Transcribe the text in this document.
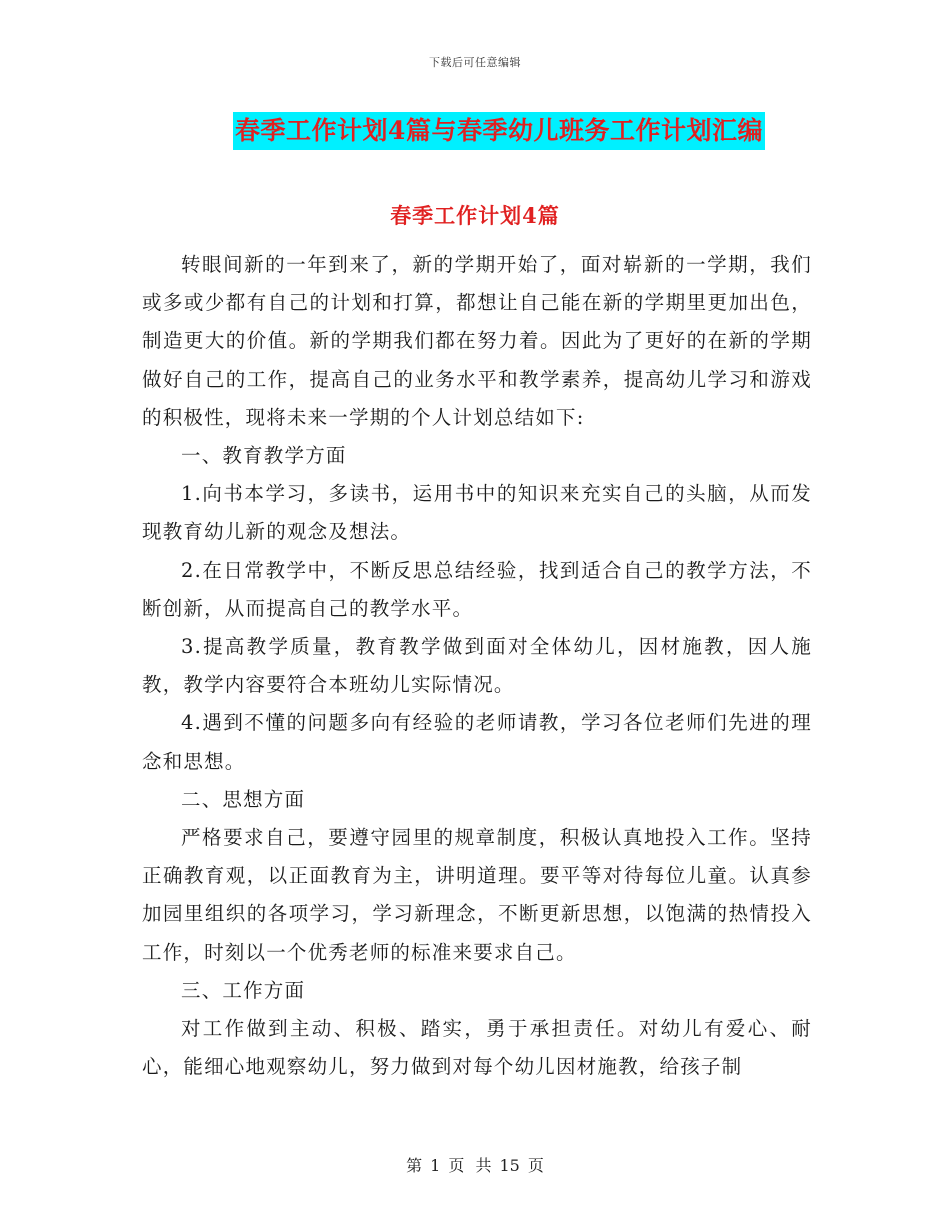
下载后可任意编辑
春季工作计划4篇与春季幼儿班务工作计划汇编
春季工作计划4篇

转眼间新的一年到来了，新的学期开始了，面对崭新的一学期，我们或多或少都有自己的计划和打算，都想让自己能在新的学期里更加出色，制造更大的价值。新的学期我们都在努力着。因此为了更好的在新的学期做好自己的工作，提高自己的业务水平和教学素养，提高幼儿学习和游戏的积极性，现将未来一学期的个人计划总结如下:

一、教育教学方面

1.向书本学习，多读书，运用书中的知识来充实自己的头脑，从而发现教育幼儿新的观念及想法。

2.在日常教学中，不断反思总结经验，找到适合自己的教学方法，不断创新，从而提高自己的教学水平。

3.提高教学质量，教育教学做到面对全体幼儿，因材施教，因人施教，教学内容要符合本班幼儿实际情况。

4.遇到不懂的问题多向有经验的老师请教，学习各位老师们先进的理念和思想。

二、思想方面

严格要求自己，要遵守园里的规章制度，积极认真地投入工作。坚持正确教育观，以正面教育为主，讲明道理。要平等对待每位儿童。认真参加园里组织的各项学习，学习新理念，不断更新思想，以饱满的热情投入工作，时刻以一个优秀老师的标准来要求自己。

三、工作方面

对工作做到主动、积极、踏实，勇于承担责任。对幼儿有爱心、耐心，能细心地观察幼儿，努力做到对每个幼儿因材施教，给孩子制

第 1 页 共 15 页
